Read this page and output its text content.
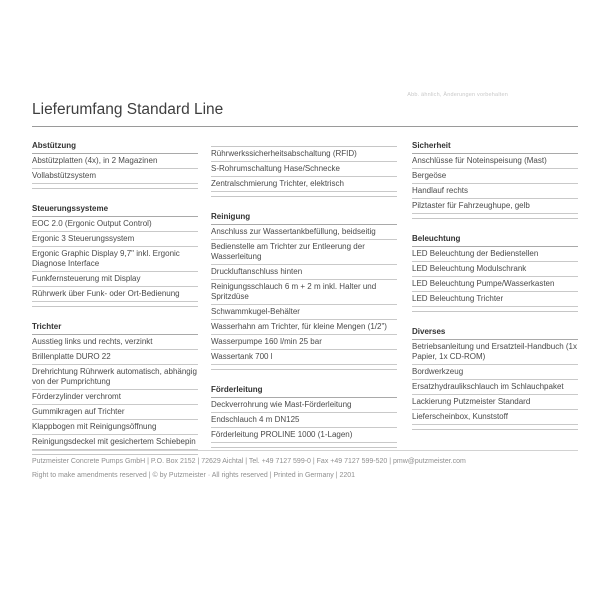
Abb. ähnlich, Änderungen vorbehalten
Lieferumfang Standard Line
Abstützung
Abstützplatten (4x), in 2 Magazinen
Vollabstützsystem
Steuerungssysteme
EOC 2.0 (Ergonic Output Control)
Ergonic 3 Steuerungssystem
Ergonic Graphic Display 9,7" inkl. Ergonic Diagnose Interface
Funkfernsteuerung mit Display
Rührwerk über Funk- oder Ort-Bedienung
Trichter
Ausstieg links und rechts, verzinkt
Brillenplatte DURO 22
Drehrichtung Rührwerk automatisch, abhängig von der Pumprichtung
Förderzylinder verchromt
Gummikragen auf Trichter
Klappbogen mit Reinigungsöffnung
Reinigungsdeckel mit gesichertem Schiebepin
Rührwerkssicherheitsabschaltung (RFID)
S-Rohrumschaltung Hase/Schnecke
Zentralschmierung Trichter, elektrisch
Reinigung
Anschluss zur Wassertankbefüllung, beidseitig
Bedienstelle am Trichter zur Entleerung der Wasserleitung
Druckluftanschluss hinten
Reinigungsschlauch 6 m + 2 m inkl. Halter und Spritzdüse
Schwammkugel-Behälter
Wasserhahn am Trichter, für kleine Mengen (1/2")
Wasserpumpe 160 l/min 25 bar
Wassertank 700 l
Förderleitung
Deckverrohrung wie Mast-Förderleitung
Endschlauch 4 m DN125
Förderleitung PROLINE 1000 (1-Lagen)
Sicherheit
Anschlüsse für Noteinspeisung (Mast)
Bergeöse
Handlauf rechts
Pilztaster für Fahrzeughupe, gelb
Beleuchtung
LED Beleuchtung der Bedienstellen
LED Beleuchtung Modulschrank
LED Beleuchtung Pumpe/Wasserkasten
LED Beleuchtung Trichter
Diverses
Betriebsanleitung und Ersatzteil-Handbuch (1x Papier, 1x CD-ROM)
Bordwerkzeug
Ersatzhydraulikschlauch im Schlauchpaket
Lackierung Putzmeister Standard
Lieferscheinbox, Kunststoff
Putzmeister Concrete Pumps GmbH | P.O. Box 2152 | 72629 Aichtal | Tel. +49 7127 599-0 | Fax +49 7127 599-520 | pmw@putzmeister.com
Right to make amendments reserved | © by Putzmeister · All rights reserved | Printed in Germany | 2201
